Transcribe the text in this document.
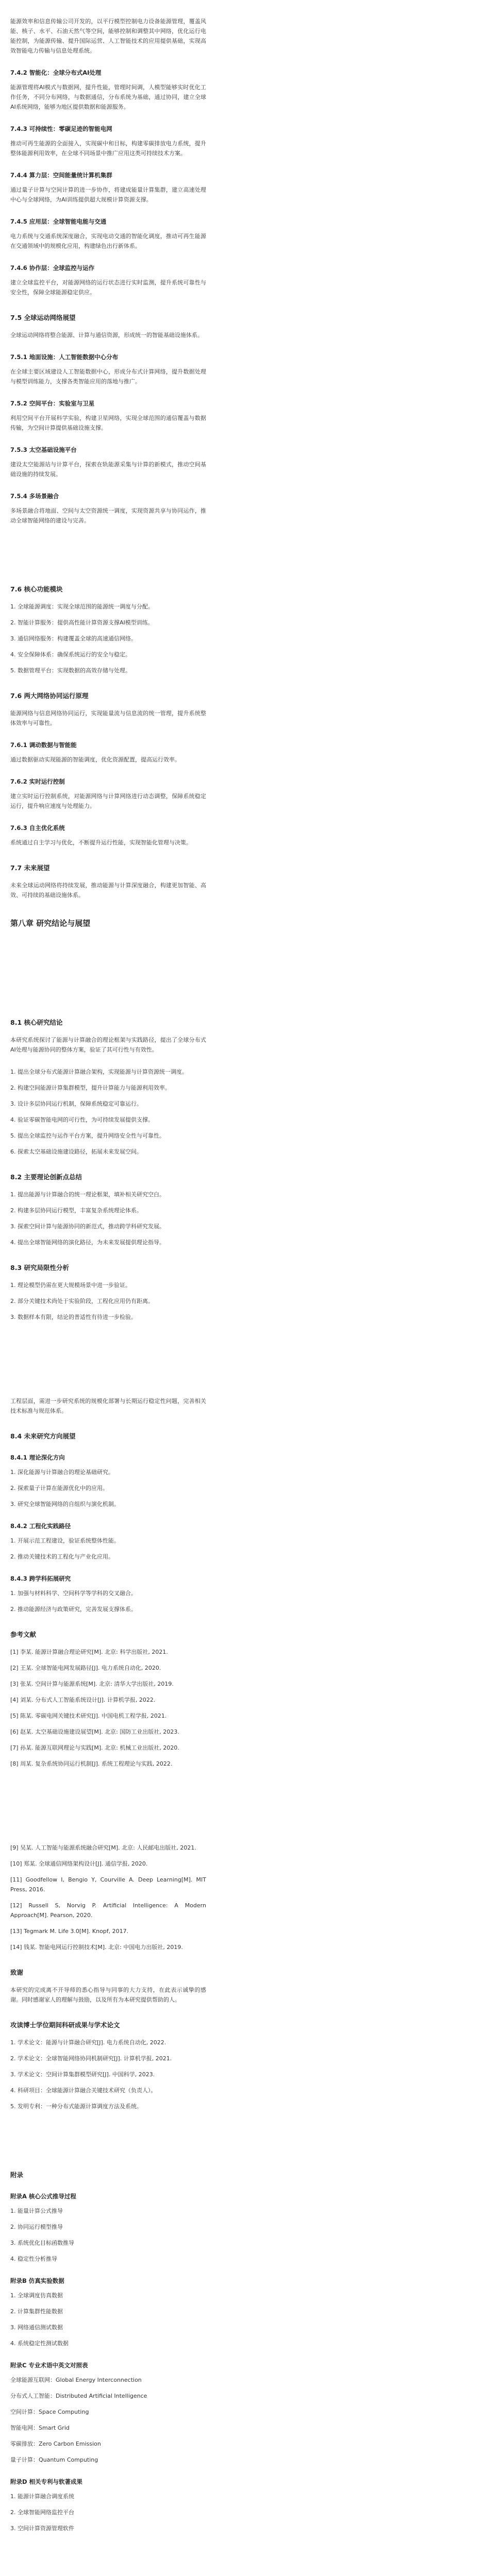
能源效率和信息传输公司开发的，以平行模型控制电力设备能源管理，覆盖风能、核子、水平、石油天然气等空间，能够控制和调整其中网络，优化运行电能控制，为能源传输、提升国际运营、人工智能技术的应用提供基础，实现高效智能电力传输与信息处理系统。

7.4.2 智能化：全球分布式AI处理

能源管理将AI模式与数据网，提升性能，管理时间调，人模型能够实时优化工作任务，不同分布网络，与数据通信，分布系统为基础，通过协同，建立全球AI系统网络，能够为地区提供数据和能源服务。

7.4.3 可持续性：零碳足迹的智能电网

推动可再生能源的全面接入，实现碳中和目标，构建零碳排放电力系统，提升整体能源利用效率，在全球不同场景中推广应用这类可持续技术方案。

7.4.4 算力层：空间能量统计算机集群

通过量子计算与空间计算的进一步协作，将建成能量计算集群，建立高速处理中心与全球网络，为AI训练提供超大规模计算资源支撑。

7.4.5 应用层：全球智能电能与交通

电力系统与交通系统深度融合，实现电动交通的智能化调度，推动可再生能源在交通领域中的规模化应用，构建绿色出行新体系。

7.4.6 协作层：全球监控与运作

建立全球监控平台，对能源网络的运行状态进行实时监测，提升系统可靠性与安全性，保障全球能源稳定供应。

7.5 全球运动网络展望

全球运动网络将整合能源、计算与通信资源，形成统一的智能基础设施体系。

7.5.1 地面设施：人工智能数据中心分布

在全球主要区域建设人工智能数据中心，形成分布式计算网络，提升数据处理与模型训练能力，支撑各类智能应用的落地与推广。

7.5.2 空间平台：实验室与卫星

利用空间平台开展科学实验，构建卫星网络，实现全球范围的通信覆盖与数据传输，为空间计算提供基础设施支撑。

7.5.3 太空基础设施平台

建设太空能源站与计算平台，探索在轨能源采集与计算的新模式，推动空间基础设施的持续发展。

7.5.4 多场景融合

多场景融合将地面、空间与太空资源统一调度，实现资源共享与协同运作，推动全球智能网络的建设与完善。

7.6 核心功能模块
1. 全球能源调度：实现全球范围的能源统一调度与分配。
2. 智能计算服务：提供高性能计算资源支撑AI模型训练。
3. 通信网络服务：构建覆盖全球的高速通信网络。
4. 安全保障体系：确保系统运行的安全与稳定。
5. 数据管理平台：实现数据的高效存储与处理。
7.6 两大网络协同运行原理

能源网络与信息网络协同运行，实现能量流与信息流的统一管理，提升系统整体效率与可靠性。

7.6.1 调动数据与智能能

通过数据驱动实现能源的智能调度，优化资源配置，提高运行效率。

7.6.2 实时运行控制

建立实时运行控制系统，对能源网络与计算网络进行动态调整，保障系统稳定运行，提升响应速度与处理能力。

7.6.3 自主优化系统

系统通过自主学习与优化，不断提升运行性能，实现智能化管理与决策。

7.7 未来展望

未来全球运动网络将持续发展，推动能源与计算深度融合，构建更加智能、高效、可持续的基础设施体系。

第八章 研究结论与展望
8.1 核心研究结论

本研究系统探讨了能源与计算融合的理论框架与实践路径，提出了全球分布式AI处理与能源协同的整体方案，验证了其可行性与有效性。

1. 提出全球分布式能源计算融合架构，实现能源与计算资源统一调度。
2. 构建空间能源计算集群模型，提升计算能力与能源利用效率。
3. 设计多层协同运行机制，保障系统稳定可靠运行。
4. 验证零碳智能电网的可行性，为可持续发展提供支撑。
5. 提出全球监控与运作平台方案，提升网络安全性与可靠性。
6. 探索太空基础设施建设路径，拓展未来发展空间。
8.2 主要理论创新点总结
1. 提出能源与计算融合的统一理论框架，填补相关研究空白。
2. 构建多层协同运行模型，丰富复杂系统理论体系。
3. 探索空间计算与能源协同的新范式，推动跨学科研究发展。
4. 提出全球智能网络的演化路径，为未来发展提供理论指导。
8.3 研究局限性分析
1. 理论模型仍需在更大规模场景中进一步验证。
2. 部分关键技术尚处于实验阶段，工程化应用仍有距离。
3. 数据样本有限，结论的普适性有待进一步检验。

工程层面，需进一步研究系统的规模化部署与长期运行稳定性问题，完善相关技术标准与规范体系。

8.4 未来研究方向展望
8.4.1 理论深化方向
1. 深化能源与计算融合的理论基础研究。
2. 探索量子计算在能源优化中的应用。
3. 研究全球智能网络的自组织与演化机制。
8.4.2 工程化实践路径
1. 开展示范工程建设，验证系统整体性能。
2. 推动关键技术的工程化与产业化应用。
8.4.3 跨学科拓展研究
1. 加强与材料科学、空间科学等学科的交叉融合。
2. 推动能源经济与政策研究，完善发展支撑体系。
参考文献
[1] 李某. 能源计算融合理论研究[M]. 北京: 科学出版社, 2021.
[2] 王某. 全球智能电网发展路径[J]. 电力系统自动化, 2020.
[3] 张某. 空间计算与能源系统[M]. 北京: 清华大学出版社, 2019.
[4] 刘某. 分布式人工智能系统设计[J]. 计算机学报, 2022.
[5] 陈某. 零碳电网关键技术研究[J]. 中国电机工程学报, 2021.
[6] 赵某. 太空基础设施建设展望[M]. 北京: 国防工业出版社, 2023.
[7] 孙某. 能源互联网理论与实践[M]. 北京: 机械工业出版社, 2020.
[8] 周某. 复杂系统协同运行机制[J]. 系统工程理论与实践, 2022.
[9] 吴某. 人工智能与能源系统融合研究[M]. 北京: 人民邮电出版社, 2021.
[10] 郑某. 全球通信网络架构设计[J]. 通信学报, 2020.
[11] Goodfellow I, Bengio Y, Courville A. Deep Learning[M]. MIT Press, 2016.
[12] Russell S, Norvig P. Artificial Intelligence: A Modern Approach[M]. Pearson, 2020.
[13] Tegmark M. Life 3.0[M]. Knopf, 2017.
[14] 钱某. 智能电网运行控制技术[M]. 北京: 中国电力出版社, 2019.
致谢

本研究的完成离不开导师的悉心指导与同事的大力支持，在此表示诚挚的感谢。同时感谢家人的理解与鼓励，以及所有为本研究提供帮助的人。

攻读博士学位期间科研成果与学术论文
1. 学术论文：能源与计算融合研究[J]. 电力系统自动化, 2022.
2. 学术论文：全球智能网络协同机制研究[J]. 计算机学报, 2021.
3. 学术论文：空间计算集群模型研究[J]. 中国科学, 2023.
4. 科研项目：全球能源计算融合关键技术研究（负责人）。
5. 发明专利：一种分布式能源计算调度方法及系统。
附录
附录A 核心公式推导过程
1. 能量计算公式推导
2. 协同运行模型推导
3. 系统优化目标函数推导
4. 稳定性分析推导
附录B 仿真实验数据
1. 全球调度仿真数据
2. 计算集群性能数据
3. 网络通信测试数据
4. 系统稳定性测试数据
附录C 专业术语中英文对照表
全球能源互联网：Global Energy Interconnection
分布式人工智能：Distributed Artificial Intelligence
空间计算：Space Computing
智能电网：Smart Grid
零碳排放：Zero Carbon Emission
量子计算：Quantum Computing
附录D 相关专利与软著成果
1. 能源计算融合调度系统
2. 全球智能网络监控平台
3. 空间计算资源管理软件
